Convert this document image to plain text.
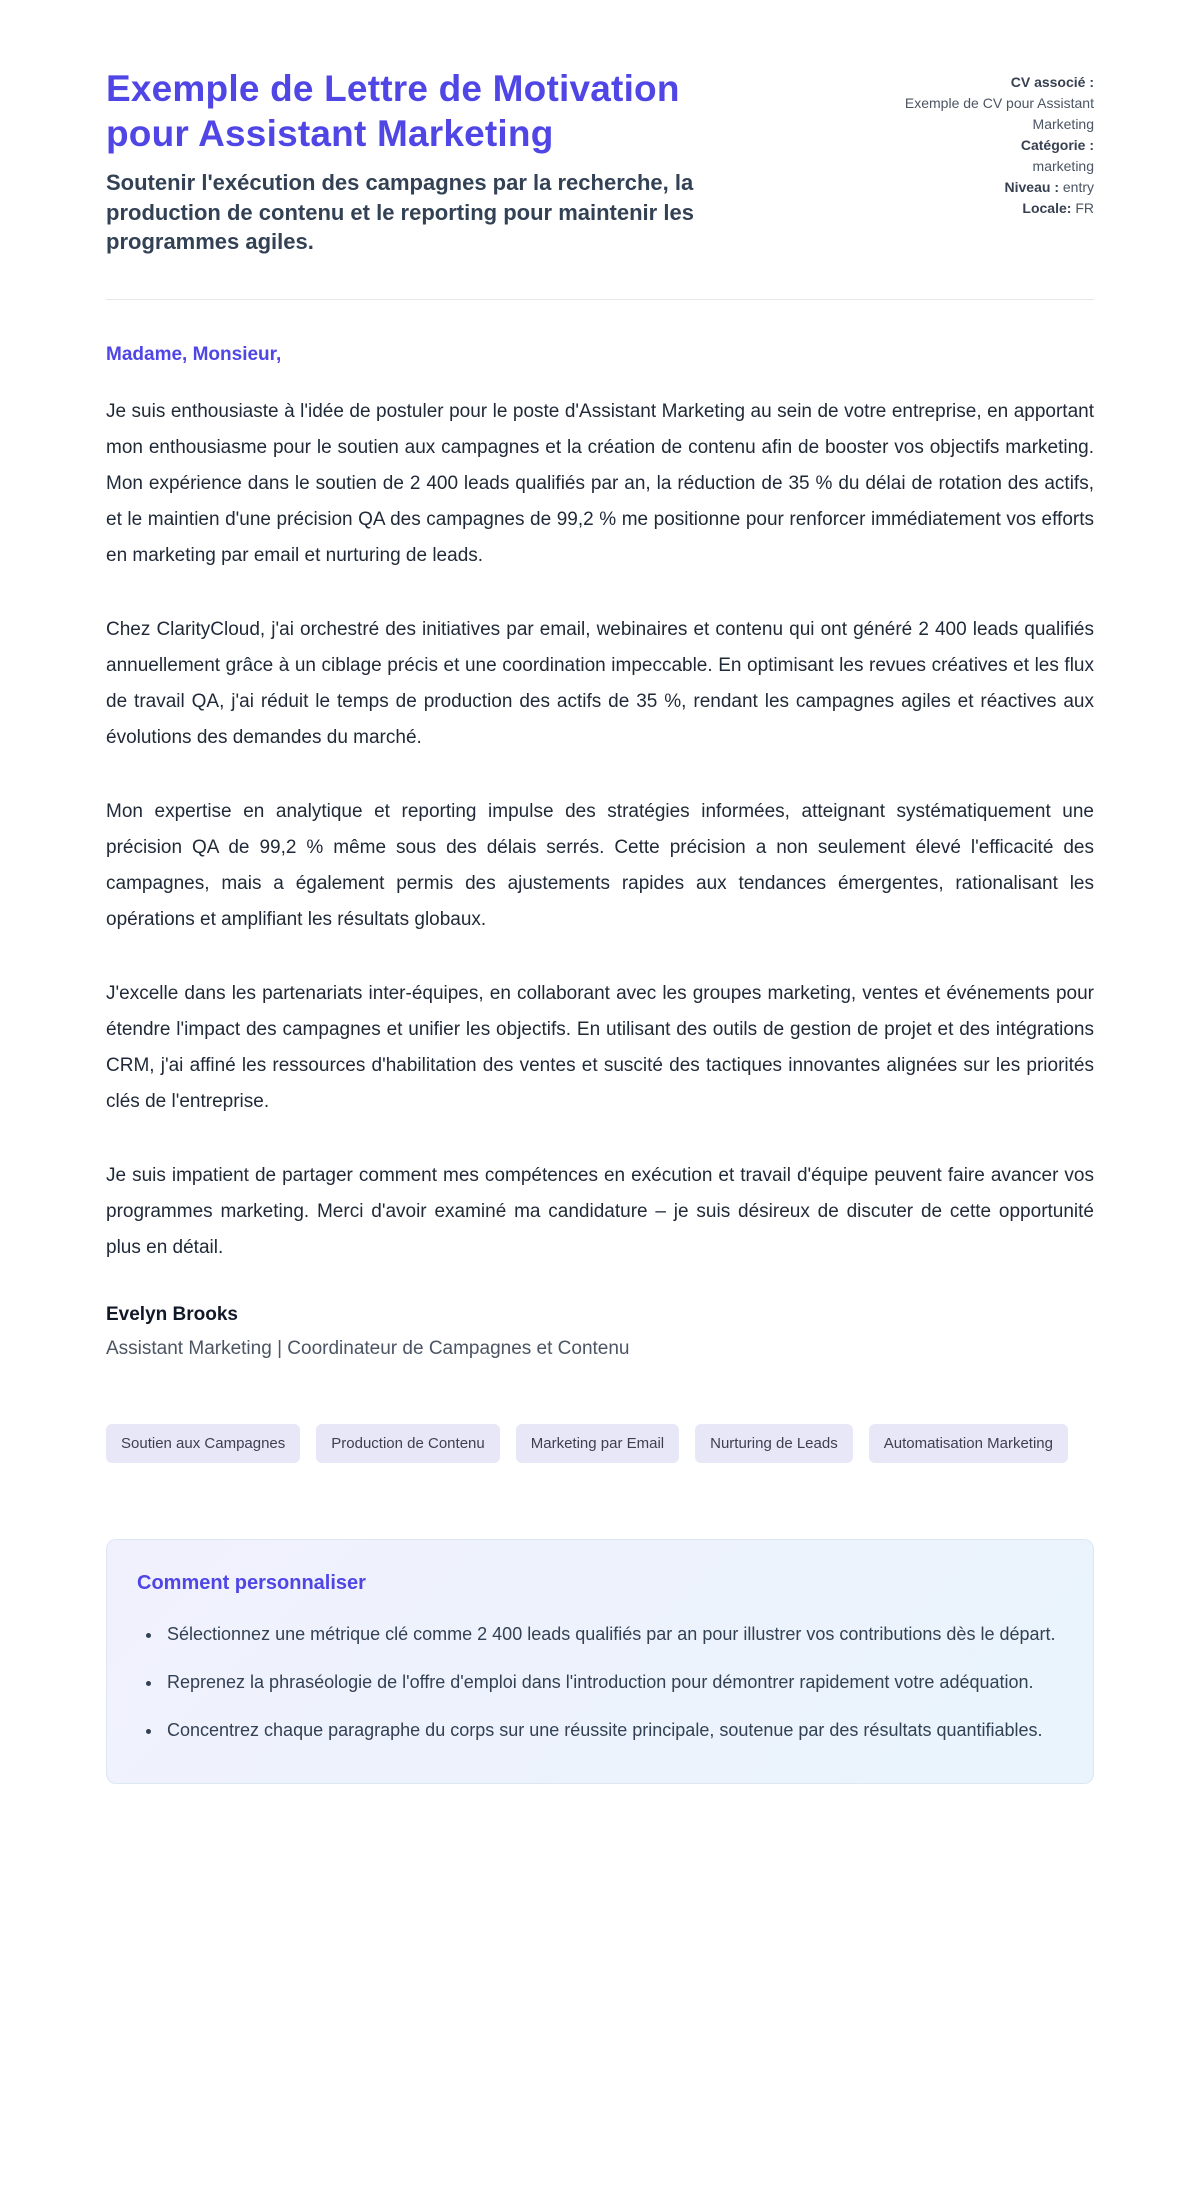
Exemple de Lettre de Motivation pour Assistant Marketing

Soutenir l'exécution des campagnes par la recherche, la production de contenu et le reporting pour maintenir les programmes agiles.

CV associé :
Exemple de CV pour Assistant Marketing
Catégorie :
marketing
Niveau : entry
Locale: FR

Madame, Monsieur,

Je suis enthousiaste à l'idée de postuler pour le poste d'Assistant Marketing au sein de votre entreprise, en apportant mon enthousiasme pour le soutien aux campagnes et la création de contenu afin de booster vos objectifs marketing. Mon expérience dans le soutien de 2 400 leads qualifiés par an, la réduction de 35 % du délai de rotation des actifs, et le maintien d'une précision QA des campagnes de 99,2 % me positionne pour renforcer immédiatement vos efforts en marketing par email et nurturing de leads.

Chez ClarityCloud, j'ai orchestré des initiatives par email, webinaires et contenu qui ont généré 2 400 leads qualifiés annuellement grâce à un ciblage précis et une coordination impeccable. En optimisant les revues créatives et les flux de travail QA, j'ai réduit le temps de production des actifs de 35 %, rendant les campagnes agiles et réactives aux évolutions des demandes du marché.

Mon expertise en analytique et reporting impulse des stratégies informées, atteignant systématiquement une précision QA de 99,2 % même sous des délais serrés. Cette précision a non seulement élevé l'efficacité des campagnes, mais a également permis des ajustements rapides aux tendances émergentes, rationalisant les opérations et amplifiant les résultats globaux.

J'excelle dans les partenariats inter-équipes, en collaborant avec les groupes marketing, ventes et événements pour étendre l'impact des campagnes et unifier les objectifs. En utilisant des outils de gestion de projet et des intégrations CRM, j'ai affiné les ressources d'habilitation des ventes et suscité des tactiques innovantes alignées sur les priorités clés de l'entreprise.

Je suis impatient de partager comment mes compétences en exécution et travail d'équipe peuvent faire avancer vos programmes marketing. Merci d'avoir examiné ma candidature – je suis désireux de discuter de cette opportunité plus en détail.

Evelyn Brooks

Assistant Marketing | Coordinateur de Campagnes et Contenu

Soutien aux Campagnes	Production de Contenu	Marketing par Email	Nurturing de Leads	Automatisation Marketing
Comment personnaliser
• Sélectionnez une métrique clé comme 2 400 leads qualifiés par an pour illustrer vos contributions dès le départ.
• Reprenez la phraséologie de l'offre d'emploi dans l'introduction pour démontrer rapidement votre adéquation.
• Concentrez chaque paragraphe du corps sur une réussite principale, soutenue par des résultats quantifiables.
